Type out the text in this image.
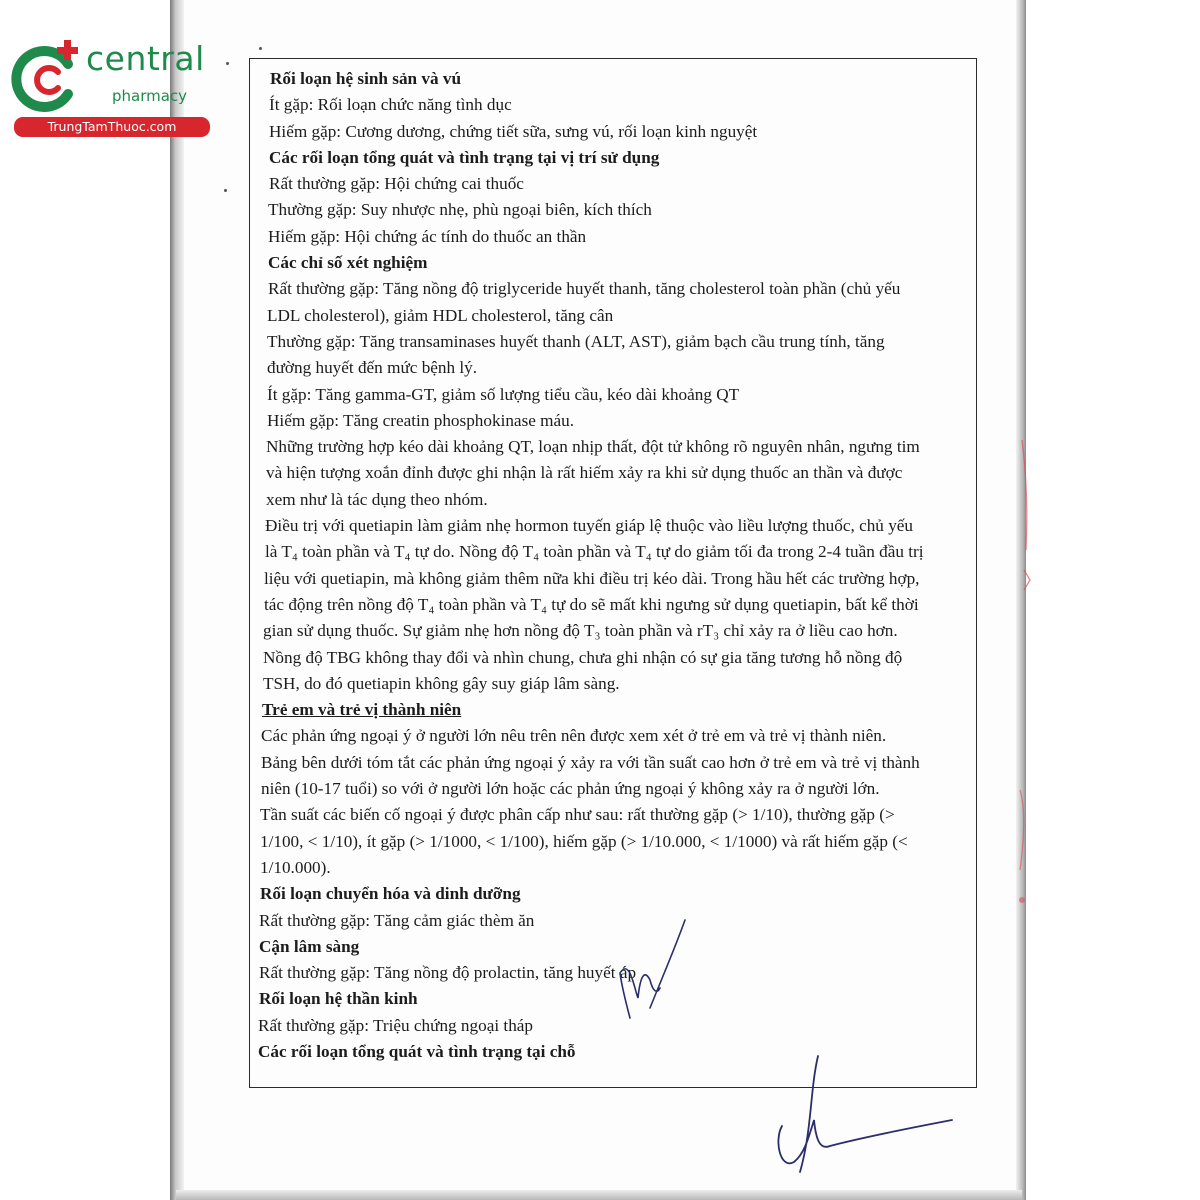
central
pharmacy
TrungTamThuoc.com
Rối loạn hệ sinh sản và vú
Ít gặp: Rối loạn chức năng tình dục
Hiếm gặp: Cương dương, chứng tiết sữa, sưng vú, rối loạn kinh nguyệt
Các rối loạn tổng quát và tình trạng tại vị trí sử dụng
Rất thường gặp: Hội chứng cai thuốc
Thường gặp: Suy nhược nhẹ, phù ngoại biên, kích thích
Hiếm gặp: Hội chứng ác tính do thuốc an thần
Các chỉ số xét nghiệm
Rất thường gặp: Tăng nồng độ triglyceride huyết thanh, tăng cholesterol toàn phần (chủ yếu
LDL cholesterol), giảm HDL cholesterol, tăng cân
Thường gặp: Tăng transaminases huyết thanh (ALT, AST), giảm bạch cầu trung tính, tăng
đường huyết đến mức bệnh lý.
Ít gặp: Tăng gamma-GT, giảm số lượng tiểu cầu, kéo dài khoảng QT
Hiếm gặp: Tăng creatin phosphokinase máu.
Những trường hợp kéo dài khoảng QT, loạn nhịp thất, đột tử không rõ nguyên nhân, ngưng tim
và hiện tượng xoắn đỉnh được ghi nhận là rất hiếm xảy ra khi sử dụng thuốc an thần và được
xem như là tác dụng theo nhóm.
Điều trị với quetiapin làm giảm nhẹ hormon tuyến giáp lệ thuộc vào liều lượng thuốc, chủ yếu
là T₄ toàn phần và T₄ tự do. Nồng độ T₄ toàn phần và T₄ tự do giảm tối đa trong 2-4 tuần đầu trị
liệu với quetiapin, mà không giảm thêm nữa khi điều trị kéo dài. Trong hầu hết các trường hợp,
tác động trên nồng độ T₄ toàn phần và T₄ tự do sẽ mất khi ngưng sử dụng quetiapin, bất kể thời
gian sử dụng thuốc. Sự giảm nhẹ hơn nồng độ T₃ toàn phần và rT₃ chỉ xảy ra ở liều cao hơn.
Nồng độ TBG không thay đổi và nhìn chung, chưa ghi nhận có sự gia tăng tương hỗ nồng độ
TSH, do đó quetiapin không gây suy giáp lâm sàng.
Trẻ em và trẻ vị thành niên
Các phản ứng ngoại ý ở người lớn nêu trên nên được xem xét ở trẻ em và trẻ vị thành niên.
Bảng bên dưới tóm tắt các phản ứng ngoại ý xảy ra với tần suất cao hơn ở trẻ em và trẻ vị thành
niên (10-17 tuổi) so với ở người lớn hoặc các phản ứng ngoại ý không xảy ra ở người lớn.
Tần suất các biến cố ngoại ý được phân cấp như sau: rất thường gặp (> 1/10), thường gặp (>
1/100, < 1/10), ít gặp (> 1/1000, < 1/100), hiếm gặp (> 1/10.000, < 1/1000) và rất hiếm gặp (<
1/10.000).
Rối loạn chuyển hóa và dinh dưỡng
Rất thường gặp: Tăng cảm giác thèm ăn
Cận lâm sàng
Rất thường gặp: Tăng nồng độ prolactin, tăng huyết áp
Rối loạn hệ thần kinh
Rất thường gặp: Triệu chứng ngoại tháp
Các rối loạn tổng quát và tình trạng tại chỗ
